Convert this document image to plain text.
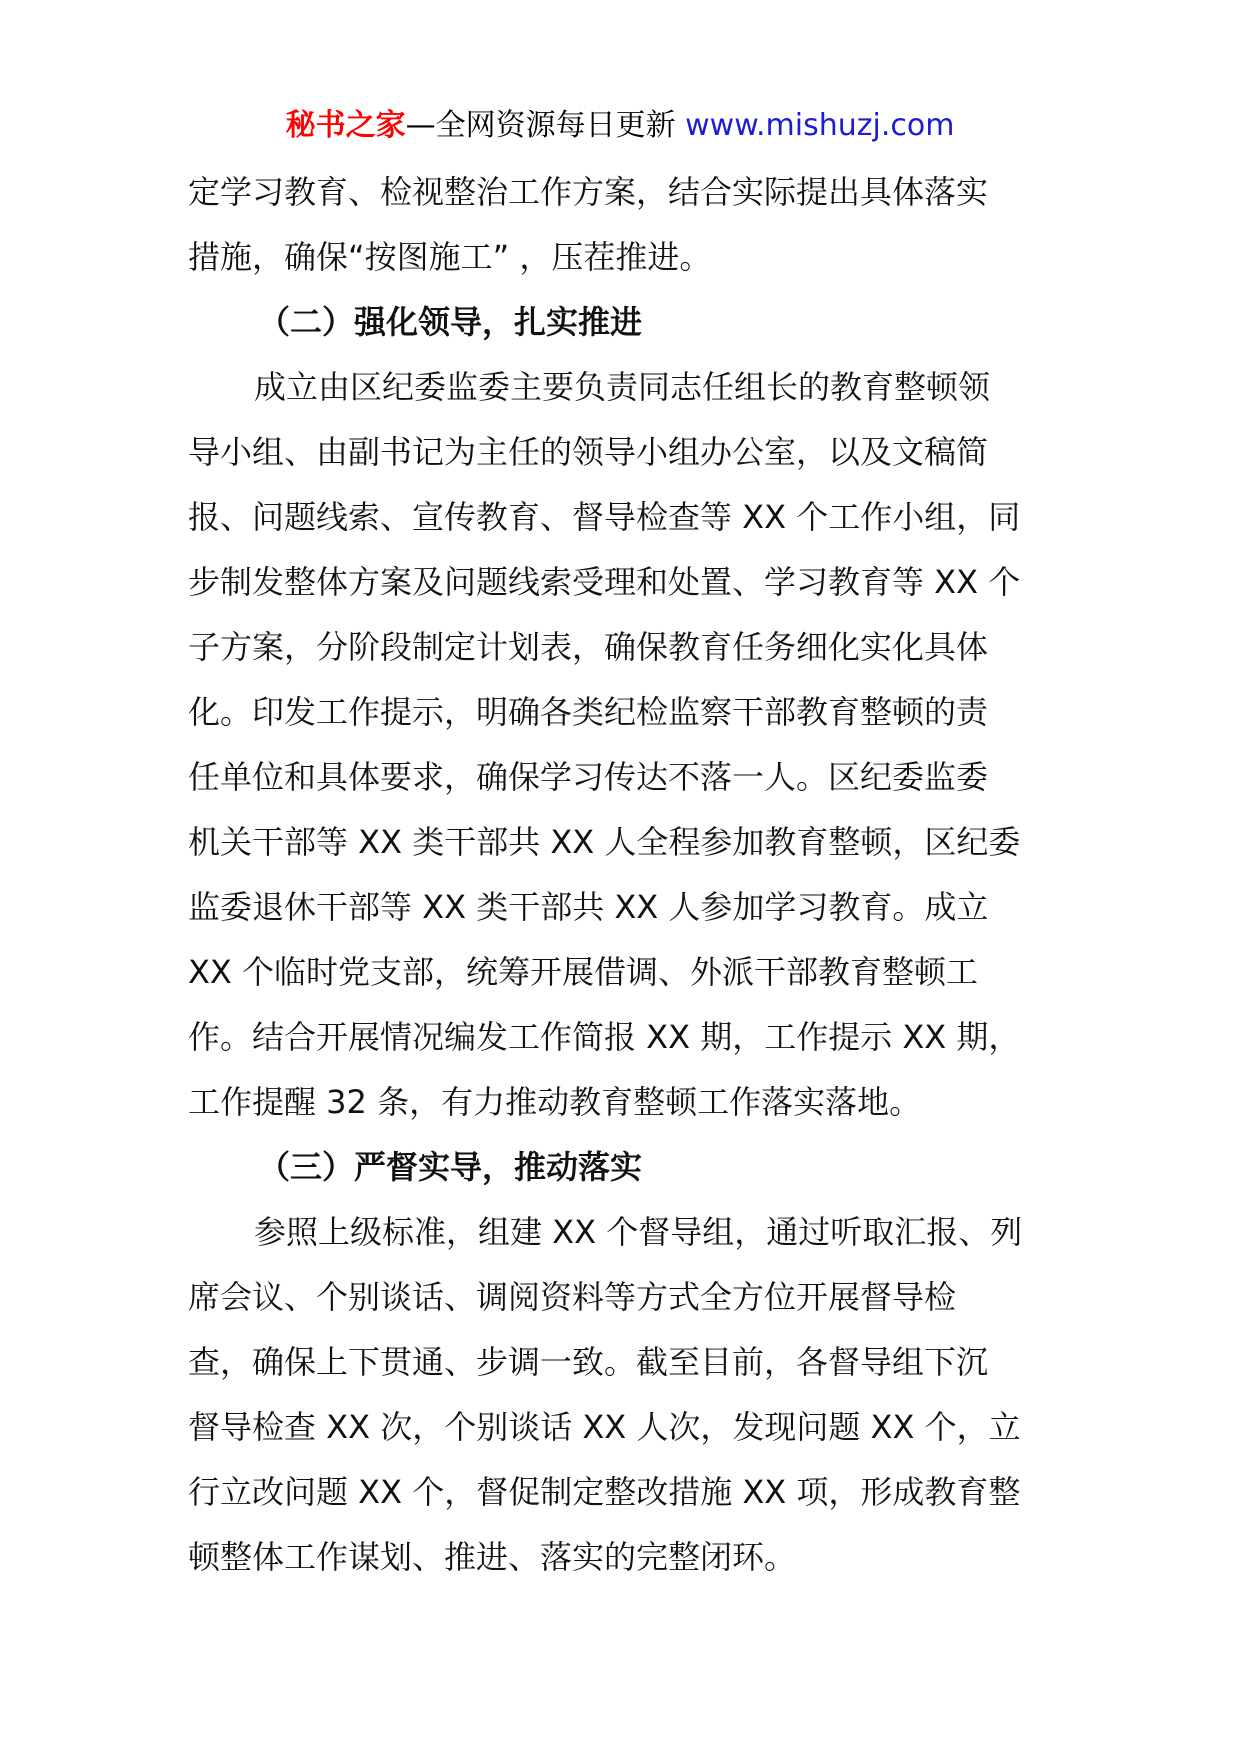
秘书之家—全网资源每日更新 www.mishuzj.com
定学习教育、检视整治工作方案，结合实际提出具体落实
措施，确保“按图施工” ，压茬推进。
（二）强化领导，扎实推进
成立由区纪委监委主要负责同志任组长的教育整顿领
导小组、由副书记为主任的领导小组办公室，以及文稿简
报、问题线索、宣传教育、督导检查等 XX 个工作小组，同
步制发整体方案及问题线索受理和处置、学习教育等 XX 个
子方案，分阶段制定计划表，确保教育任务细化实化具体
化。印发工作提示，明确各类纪检监察干部教育整顿的责
任单位和具体要求，确保学习传达不落一人。区纪委监委
机关干部等 XX 类干部共 XX 人全程参加教育整顿，区纪委
监委退休干部等 XX 类干部共 XX 人参加学习教育。成立
XX 个临时党支部，统筹开展借调、外派干部教育整顿工
作。结合开展情况编发工作简报 XX 期，工作提示 XX 期，
工作提醒 32 条，有力推动教育整顿工作落实落地。
（三）严督实导，推动落实
参照上级标准，组建 XX 个督导组，通过听取汇报、列
席会议、个别谈话、调阅资料等方式全方位开展督导检
查，确保上下贯通、步调一致。截至目前，各督导组下沉
督导检查 XX 次，个别谈话 XX 人次，发现问题 XX 个，立
行立改问题 XX 个，督促制定整改措施 XX 项，形成教育整
顿整体工作谋划、推进、落实的完整闭环。
